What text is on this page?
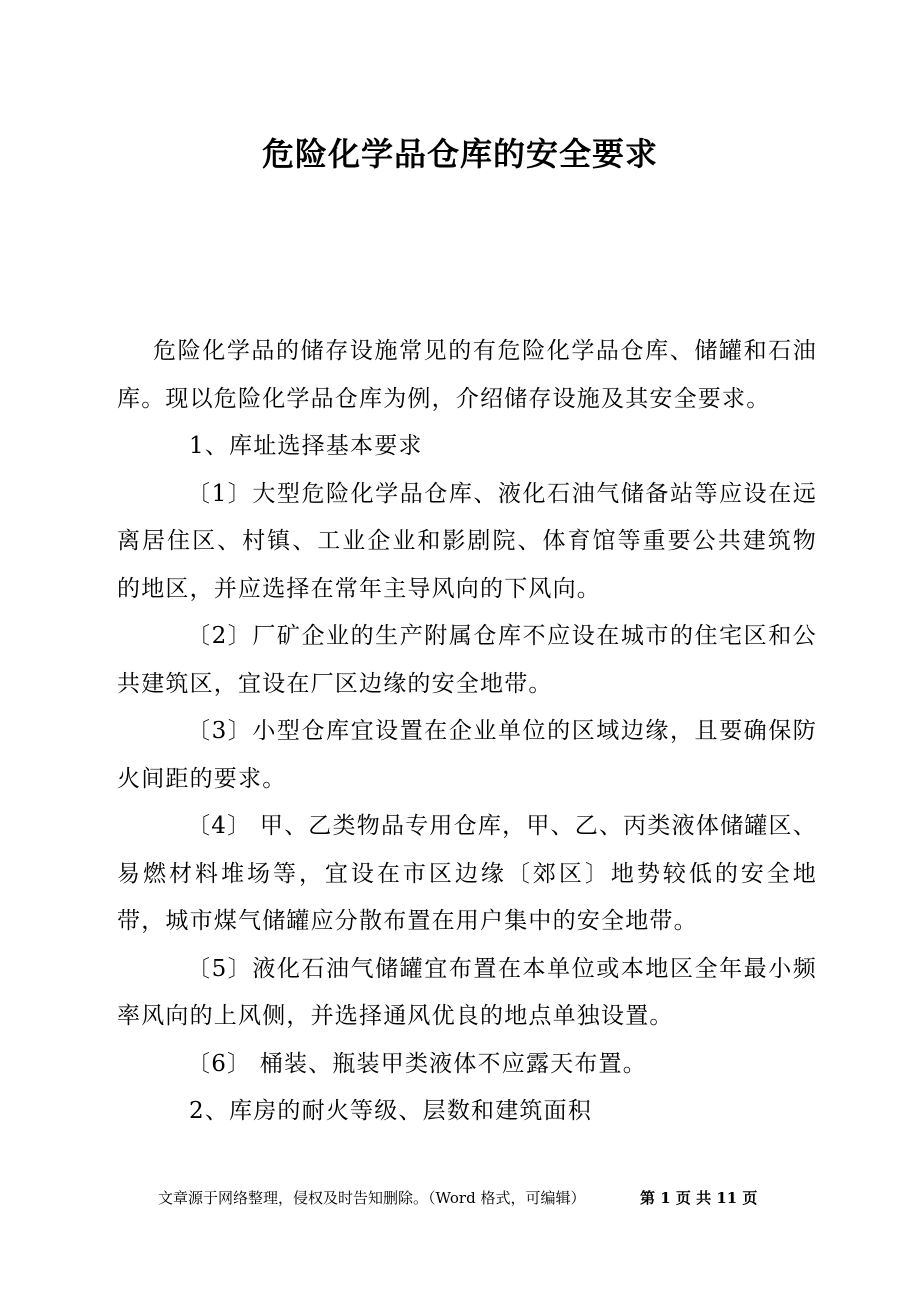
危险化学品仓库的安全要求

危险化学品的储存设施常见的有危险化学品仓库、储罐和石油库。现以危险化学品仓库为例，介绍储存设施及其安全要求。

1、库址选择基本要求

〔1〕大型危险化学品仓库、液化石油气储备站等应设在远离居住区、村镇、工业企业和影剧院、体育馆等重要公共建筑物的地区，并应选择在常年主导风向的下风向。

〔2〕厂矿企业的生产附属仓库不应设在城市的住宅区和公共建筑区，宜设在厂区边缘的安全地带。

〔3〕小型仓库宜设置在企业单位的区域边缘，且要确保防火间距的要求。

〔4〕 甲、乙类物品专用仓库，甲、乙、丙类液体储罐区、易燃材料堆场等，宜设在市区边缘〔郊区〕地势较低的安全地带，城市煤气储罐应分散布置在用户集中的安全地带。

〔5〕液化石油气储罐宜布置在本单位或本地区全年最小频率风向的上风侧，并选择通风优良的地点单独设置。

〔6〕 桶装、瓶装甲类液体不应露天布置。

2、库房的耐火等级、层数和建筑面积

文章源于网络整理，侵权及时告知删除。（Word 格式，可编辑）	第 1 页 共 11 页
